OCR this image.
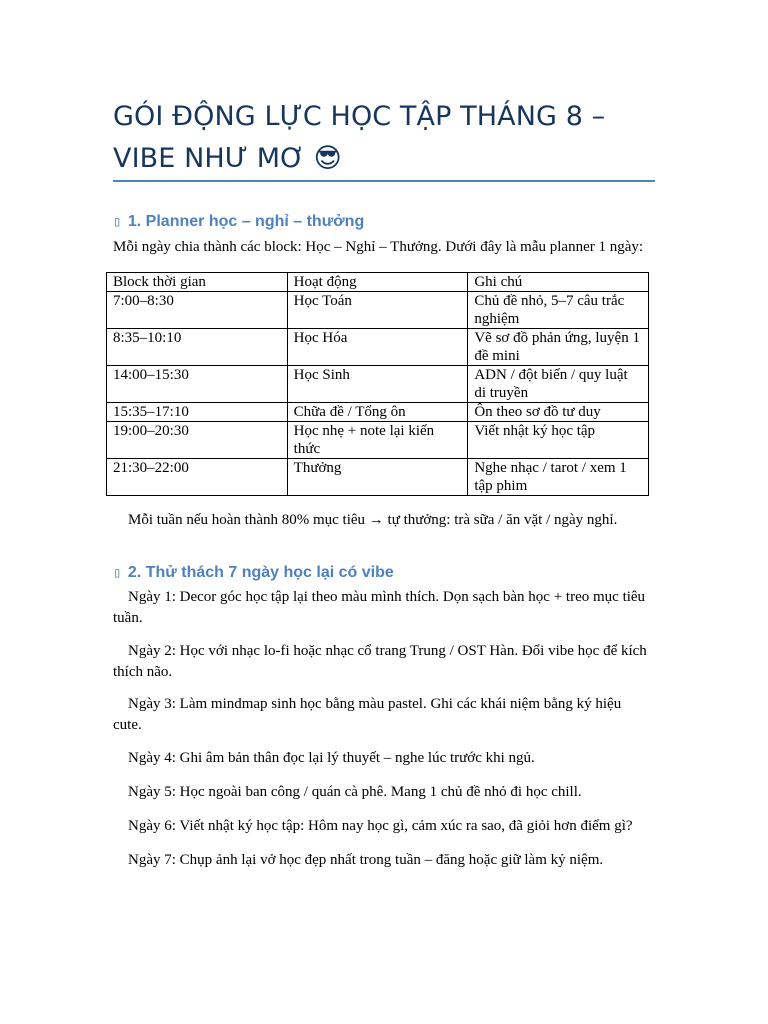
GÓI ĐỘNG LỰC HỌC TẬP THÁNG 8 – VIBE NHƯ MƠ 😎
▯ 1. Planner học – nghỉ – thưởng

Mỗi ngày chia thành các block: Học – Nghỉ – Thưởng. Dưới đây là mẫu planner 1 ngày:

Block thời gian	Hoạt động	Ghi chú
7:00–8:30	Học Toán	Chủ đề nhỏ, 5–7 câu trắc nghiệm
8:35–10:10	Học Hóa	Vẽ sơ đồ phản ứng, luyện 1 đề mini
14:00–15:30	Học Sinh	ADN / đột biến / quy luật di truyền
15:35–17:10	Chữa đề / Tổng ôn	Ôn theo sơ đồ tư duy
19:00–20:30	Học nhẹ + note lại kiến thức	Viết nhật ký học tập
21:30–22:00	Thưởng	Nghe nhạc / tarot / xem 1 tập phim

Mỗi tuần nếu hoàn thành 80% mục tiêu → tự thưởng: trà sữa / ăn vặt / ngày nghỉ.

▯ 2. Thử thách 7 ngày học lại có vibe

Ngày 1: Decor góc học tập lại theo màu mình thích. Dọn sạch bàn học + treo mục tiêu tuần.

Ngày 2: Học với nhạc lo-fi hoặc nhạc cổ trang Trung / OST Hàn. Đổi vibe học để kích thích não.

Ngày 3: Làm mindmap sinh học bằng màu pastel. Ghi các khái niệm bằng ký hiệu cute.

Ngày 4: Ghi âm bản thân đọc lại lý thuyết – nghe lúc trước khi ngủ.

Ngày 5: Học ngoài ban công / quán cà phê. Mang 1 chủ đề nhỏ đi học chill.

Ngày 6: Viết nhật ký học tập: Hôm nay học gì, cảm xúc ra sao, đã giỏi hơn điểm gì?

Ngày 7: Chụp ảnh lại vở học đẹp nhất trong tuần – đăng hoặc giữ làm kỷ niệm.
